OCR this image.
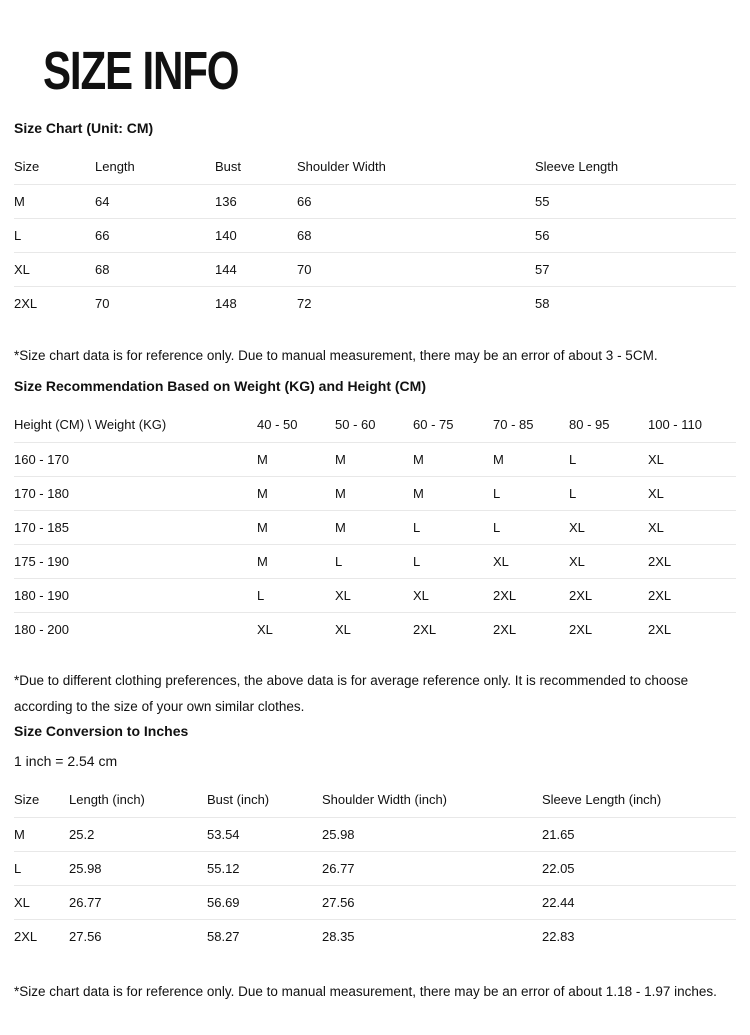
SIZE INFO
Size Chart (Unit: CM)
Size	Length	Bust	Shoulder Width	Sleeve Length
M	64	136	66	55
L	66	140	68	56
XL	68	144	70	57
2XL	70	148	72	58
*Size chart data is for reference only. Due to manual measurement, there may be an error of about 3 - 5CM.
Size Recommendation Based on Weight (KG) and Height (CM)
Height (CM) \ Weight (KG)	40 - 50	50 - 60	60 - 75	70 - 85	80 - 95	100 - 110
160 - 170	M	M	M	M	L	XL
170 - 180	M	M	M	L	L	XL
170 - 185	M	M	L	L	XL	XL
175 - 190	M	L	L	XL	XL	2XL
180 - 190	L	XL	XL	2XL	2XL	2XL
180 - 200	XL	XL	2XL	2XL	2XL	2XL
*Due to different clothing preferences, the above data is for average reference only. It is recommended to choose according to the size of your own similar clothes.
Size Conversion to Inches
1 inch = 2.54 cm
Size	Length (inch)	Bust (inch)	Shoulder Width (inch)	Sleeve Length (inch)
M	25.2	53.54	25.98	21.65
L	25.98	55.12	26.77	22.05
XL	26.77	56.69	27.56	22.44
2XL	27.56	58.27	28.35	22.83
*Size chart data is for reference only. Due to manual measurement, there may be an error of about 1.18 - 1.97 inches.
